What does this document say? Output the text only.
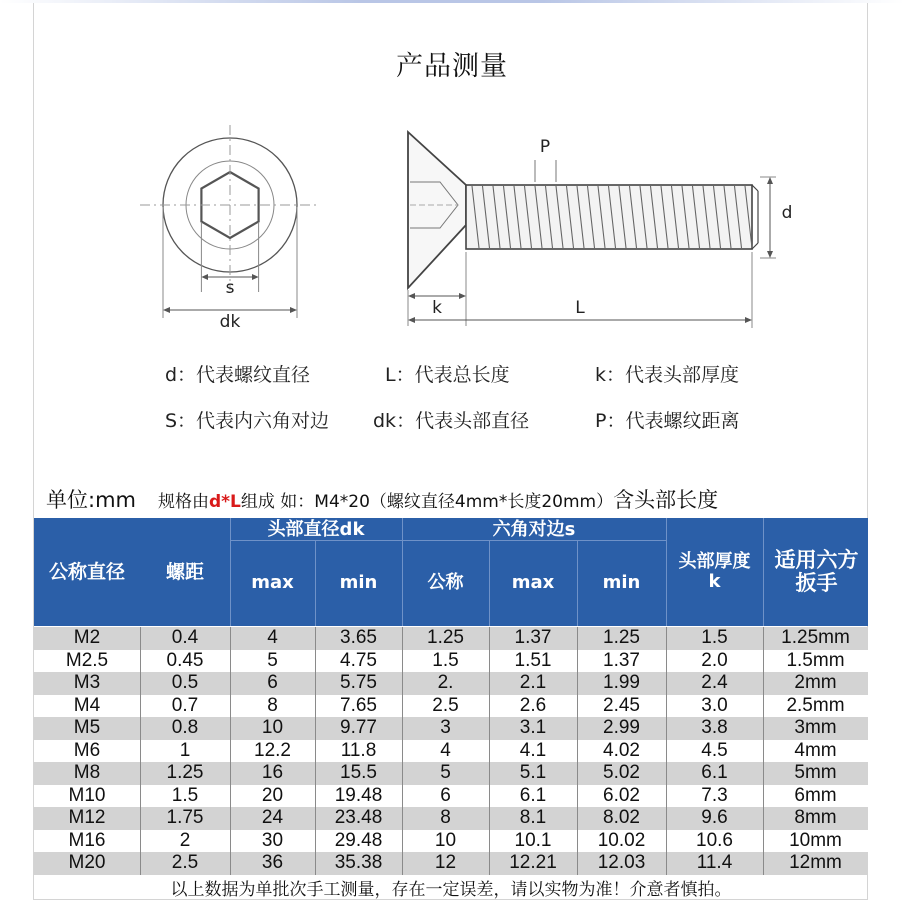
产品测量
s
dk
P
d
k	L
d：代表螺纹直径	L：代表总长度	k：代表头部厚度
S：代表内六角对边 dk：代表头部直径	P：代表螺纹距离
单位:mm 规格由d*L组成 如：M4*20（螺纹直径4mm*长度20mm）含头部长度
公称直径	螺距
头部直径dk	六角对边s
max	min	公称	max	min
头部厚度k
适用六方扳手
M2	0.4	4	3.65	1.25	1.37	1.25	1.5	1.25mm
M2.5	0.45	5	4.75	1.5	1.51	1.37	2.0	1.5mm
M3	0.5	6	5.75	2.	2.1	1.99	2.4	2mm
M4	0.7	8	7.65	2.5	2.6	2.45	3.0	2.5mm
M5	0.8	10	9.77	3	3.1	2.99	3.8	3mm
M6	1	12.2	11.8	4	4.1	4.02	4.5	4mm
M8	1.25	16	15.5	5	5.1	5.02	6.1	5mm
M10	1.5	20	19.48	6	6.1	6.02	7.3	6mm
M12	1.75	24	23.48	8	8.1	8.02	9.6	8mm
M16	2	30	29.48	10	10.1	10.02	10.6	10mm
M20	2.5	36	35.38	12	12.21	12.03	11.4	12mm
以上数据为单批次手工测量，存在一定误差，请以实物为准！介意者慎拍。
